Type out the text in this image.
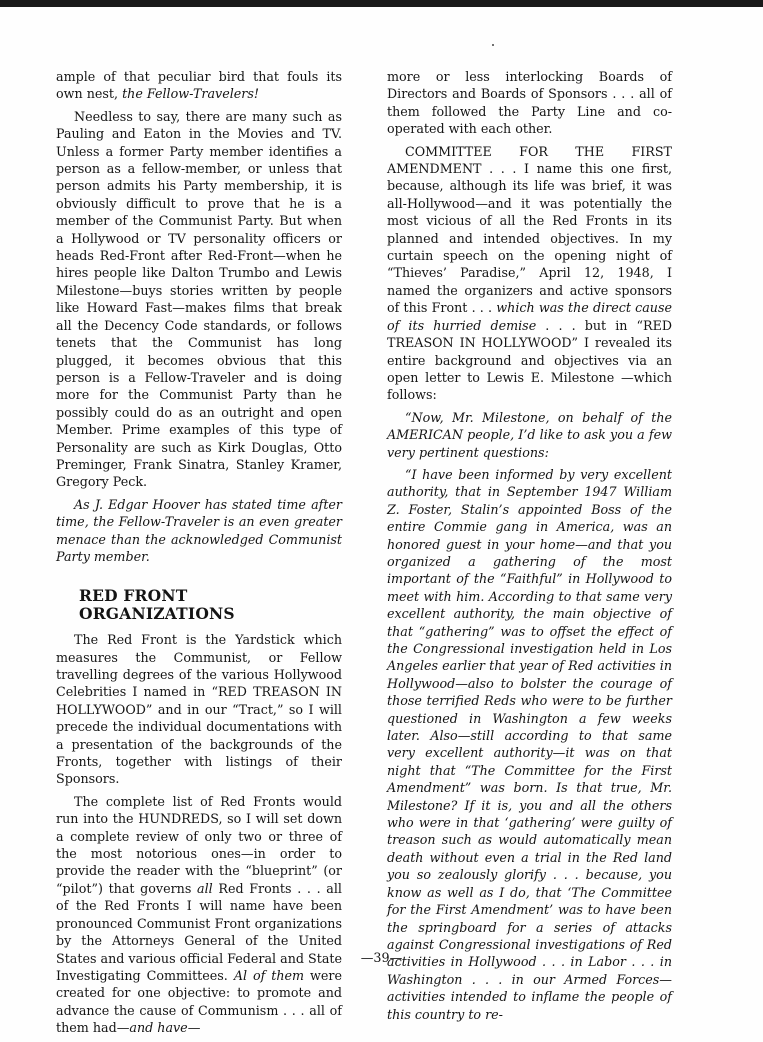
ample of that peculiar bird that fouls its own nest, the Fellow-Travelers!

Needless to say, there are many such as Pauling and Eaton in the Movies and TV. Unless a former Party member identifies a person as a fellow-member, or unless that person admits his Party membership, it is obviously difficult to prove that he is a member of the Communist Party. But when a Hollywood or TV personality officers or heads Red-Front after Red-Front—when he hires people like Dalton Trumbo and Lewis Milestone—buys stories written by people like Howard Fast—makes films that break all the Decency Code standards, or follows tenets that the Communist has long plugged, it becomes obvious that this person is a Fellow-Traveler and is doing more for the Communist Party than he possibly could do as an outright and open Member. Prime examples of this type of Personality are such as Kirk Douglas, Otto Preminger, Frank Sinatra, Stanley Kramer, Gregory Peck.

As J. Edgar Hoover has stated time after time, the Fellow-Traveler is an even greater menace than the acknowledged Communist Party member.

RED FRONT ORGANIZATIONS

The Red Front is the Yardstick which measures the Communist, or Fellow travelling degrees of the various Hollywood Celebrities I named in “RED TREASON IN HOLLYWOOD” and in our “Tract,” so I will precede the individual documentations with a presentation of the backgrounds of the Fronts, together with listings of their Sponsors.

The complete list of Red Fronts would run into the HUNDREDS, so I will set down a complete review of only two or three of the most notorious ones—in order to provide the reader with the “blueprint” (or “pilot”) that governs all Red Fronts . . . all of the Red Fronts I will name have been pronounced Communist Front organizations by the Attorneys General of the United States and various official Federal and State Investigating Committees. Al of them were created for one objective: to promote and advance the cause of Communism . . . all of them had—and have—

more or less interlocking Boards of Directors and Boards of Sponsors . . . all of them followed the Party Line and co-operated with each other.

COMMITTEE FOR THE FIRST AMENDMENT . . . I name this one first, because, although its life was brief, it was all-Hollywood—and it was potentially the most vicious of all the Red Fronts in its planned and intended objectives. In my curtain speech on the opening night of “Thieves’ Paradise,” April 12, 1948, I named the organizers and active sponsors of this Front . . . which was the direct cause of its hurried demise . . . but in “RED TREASON IN HOLLYWOOD” I revealed its entire background and objectives via an open letter to Lewis E. Milestone —which follows:

“Now, Mr. Milestone, on behalf of the AMERICAN people, I’d like to ask you a few very pertinent questions:

“I have been informed by very excellent authority, that in September 1947 William Z. Foster, Stalin’s appointed Boss of the entire Commie gang in America, was an honored guest in your home—and that you organized a gathering of the most important of the “Faithful” in Hollywood to meet with him. According to that same very excellent authority, the main objective of that “gathering” was to offset the effect of the Congressional investigation held in Los Angeles earlier that year of Red activities in Hollywood—also to bolster the courage of those terrified Reds who were to be further questioned in Washington a few weeks later. Also—still according to that same very excellent authority—it was on that night that “The Committee for the First Amendment” was born. Is that true, Mr. Milestone? If it is, you and all the others who were in that ‘gathering’ were guilty of treason such as would automatically mean death without even a trial in the Red land you so zealously glorify . . . because, you know as well as I do, that ‘The Committee for the First Amendment’ was to have been the springboard for a series of attacks against Congressional investigations of Red activities in Hollywood . . . in Labor . . . in Washington . . . in our Armed Forces—activities intended to inflame the people of this country to re-

—39—
